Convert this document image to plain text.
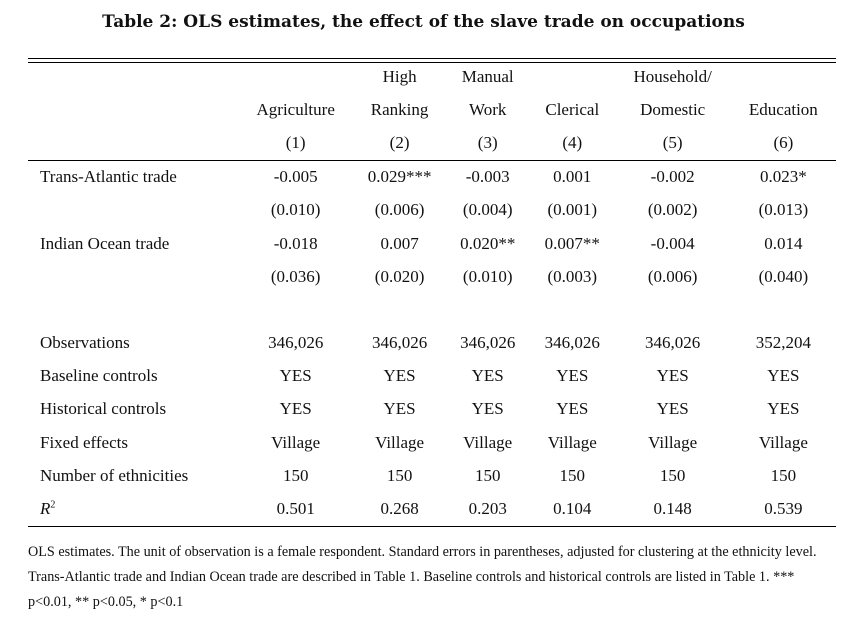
Table 2: OLS estimates, the effect of the slave trade on occupations
		High	Manual		Household/	
	Agriculture	Ranking	Work	Clerical	Domestic	Education
	(1)	(2)	(3)	(4)	(5)	(6)
Trans-Atlantic trade	-0.005	0.029***	-0.003	0.001	-0.002	0.023*
	(0.010)	(0.006)	(0.004)	(0.001)	(0.002)	(0.013)
Indian Ocean trade	-0.018	0.007	0.020**	0.007**	-0.004	0.014
	(0.036)	(0.020)	(0.010)	(0.003)	(0.006)	(0.040)

Observations	346,026	346,026	346,026	346,026	346,026	352,204
Baseline controls	YES	YES	YES	YES	YES	YES
Historical controls	YES	YES	YES	YES	YES	YES
Fixed effects	Village	Village	Village	Village	Village	Village
Number of ethnicities	150	150	150	150	150	150
$R^2$	0.501	0.268	0.203	0.104	0.148	0.539
OLS estimates. The unit of observation is a female respondent. Standard errors in parentheses, adjusted for clustering at the ethnicity level. Trans-Atlantic trade and Indian Ocean trade are described in Table 1. Baseline controls and historical controls are listed in Table 1. *** p<0.01, ** p<0.05, * p<0.1
